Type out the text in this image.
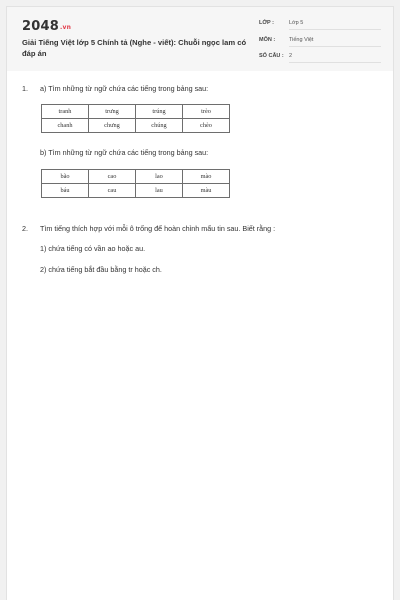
2048.vn
Giải Tiếng Việt lớp 5 Chính tả (Nghe - viết): Chuỗi ngọc lam có đáp án
LỚP :	Lớp 5
MÔN :	Tiếng Việt
SỐ CÂU : 2
1. a) Tìm những từ ngữ chứa các tiếng trong bảng sau:
tranh	trưng	trúng	trèo
chanh	chưng	chúng	chèo
b) Tìm những từ ngữ chứa các tiếng trong bảng sau:
bão	cao	lao	mào
báu	cau	lau	màu
2. Tìm tiếng thích hợp với mỗi ô trống để hoàn chỉnh mẩu tin sau. Biết rằng :
1) chứa tiếng có vần ao hoặc au.
2) chứa tiếng bắt đầu bằng tr hoặc ch.
